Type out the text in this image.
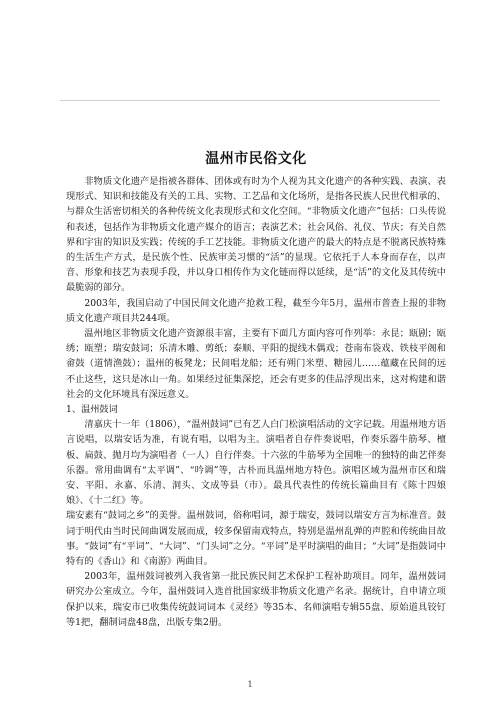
温州市民俗文化

非物质文化遗产是指被各群体、团体或有时为个人视为其文化遗产的各种实践、表演、表现形式、知识和技能及有关的工具、实物、工艺品和文化场所，是指各民族人民世代相承的、与群众生活密切相关的各种传统文化表现形式和文化空间。“非物质文化遗产”包括：口头传说和表述，包括作为非物质文化遗产媒介的语言；表演艺术；社会风俗、礼仪、节庆；有关自然界和宇宙的知识及实践；传统的手工艺技能。非物质文化遗产的最大的特点是不脱离民族特殊的生活生产方式，是民族个性、民族审美习惯的“活”的显现。它依托于人本身而存在，以声音、形象和技艺为表现手段，并以身口相传作为文化链而得以延续，是“活”的文化及其传统中最脆弱的部分。

2003年，我国启动了中国民间文化遗产抢救工程，截至今年5月，温州市普查上报的非物质文化遗产项目共244项。

温州地区非物质文化遗产资源很丰富，主要有下面几方面内容可作列举：永昆；瓯剧；瓯绣；瓯塑；瑞安鼓词；乐清木雕、剪纸；泰顺、平阳的提线木偶戏；苍南布袋戏、铁枝平阁和畲鼓（道情渔鼓）；温州的板凳龙；民间唱龙船；还有朔门米塑、糖园儿……蕴藏在民间的远不止这些，这只是冰山一角。如果经过征集深挖，还会有更多的佳品浮现出来，这对构建和谐社会的文化环境具有深远意义。

1、温州鼓词

清嘉庆十一年（1806），“温州鼓词”已有艺人白门松演唱活动的文字记载。用温州地方语言说唱，以瑞安话为准，有说有唱，以唱为主。演唱者自存件奏说唱，作奏乐器牛筋琴、檀板、扁鼓、抛月均为演唱者（一人）自行伴奏。十六弦的牛筋琴为全国唯一的独特的曲艺伴奏乐器。常用曲调有“太平调”、“吟调”等，古朴而具温州地方特色。演唱区域为温州市区和瑞安、平阳、永嘉、乐清、洞头、文成等县（市）。最具代表性的传统长篇曲目有《陈十四娘娘》、《十二红》等。

瑞安素有“鼓词之乡”的美誉。温州鼓词，俗称唱词，源于瑞安，鼓词以瑞安方言为标准音。鼓词于明代由当时民间曲调发展而成，较多保留南戏特点，特别是温州乱弹的声腔和传统曲目故事。“鼓词”有“平词”、“大词”、“门头词”之分。“平词”是平时演唱的曲目；“大词”是指鼓词中特有的《香山》和《南游》两曲目。

2003年，温州鼓词被列入我省第一批民族民间艺术保护工程补助项目。同年，温州鼓词研究办公室成立。今年，温州鼓词入选首批国家级非物质文化遗产名录。据统计，自申请立项保护以来，瑞安市已收集传统鼓词词本《灵经》等35本、名师演唱专辑55盘、原始道具铰钉等1把，翻制词盘48盘，出版专集2册。

1
